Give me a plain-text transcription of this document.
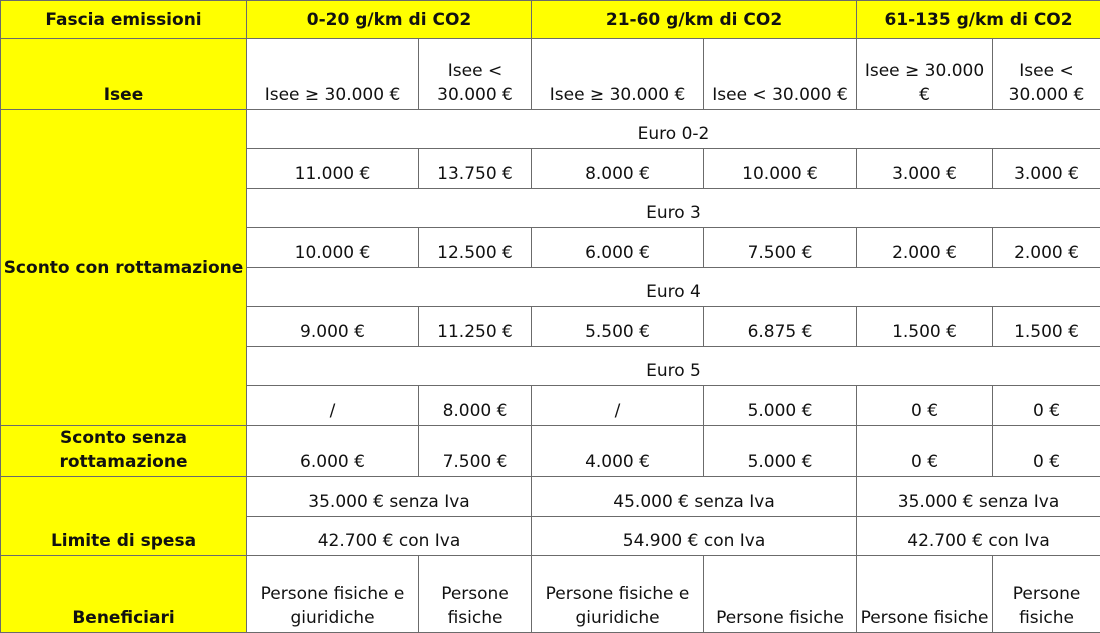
Fascia emissioni	0-20 g/km di CO2		21-60 g/km di CO2		61-135 g/km di CO2	
Isee	Isee ≥ 30.000 €	Isee < 30.000 €	Isee ≥ 30.000 €	Isee < 30.000 €	Isee ≥ 30.000 €	Isee < 30.000 €
Sconto con rottamazione	Euro 0-2					
	11.000 €	13.750 €	8.000 €	10.000 €	3.000 €	3.000 €
	Euro 3					
	10.000 €	12.500 €	6.000 €	7.500 €	2.000 €	2.000 €
	Euro 4					
	9.000 €	11.250 €	5.500 €	6.875 €	1.500 €	1.500 €
	Euro 5					
	/	8.000 €	/	5.000 €	0 €	0 €
Sconto senza rottamazione	6.000 €	7.500 €	4.000 €	5.000 €	0 €	0 €
Limite di spesa	35.000 € senza Iva		45.000 € senza Iva		35.000 € senza Iva	
	42.700 € con Iva		54.900 € con Iva		42.700 € con Iva	
Beneficiari	Persone fisiche e giuridiche	Persone fisiche	Persone fisiche e giuridiche	Persone fisiche	Persone fisiche	Persone fisiche
